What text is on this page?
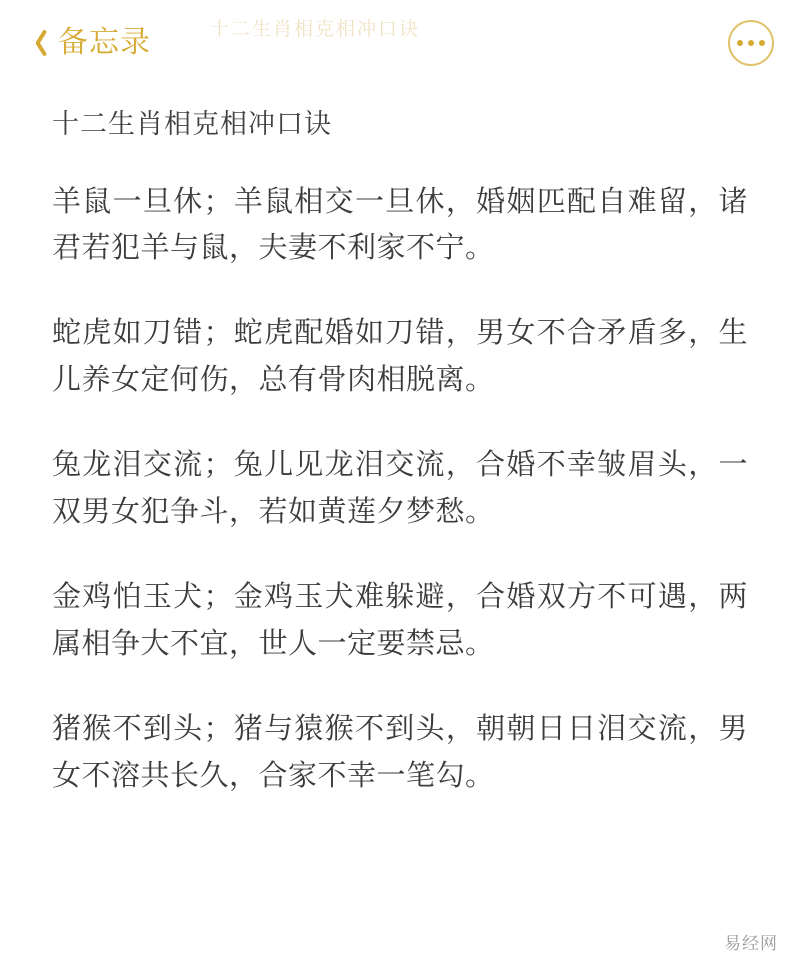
十二生肖相克相冲口诀
备忘录

十二生肖相克相冲口诀

羊鼠一旦休；羊鼠相交一旦休，婚姻匹配自难留，诸君若犯羊与鼠，夫妻不利家不宁。

蛇虎如刀错；蛇虎配婚如刀错，男女不合矛盾多，生儿养女定何伤，总有骨肉相脱离。

兔龙泪交流；兔儿见龙泪交流，合婚不幸皱眉头，一双男女犯争斗，若如黄莲夕梦愁。

金鸡怕玉犬；金鸡玉犬难躲避，合婚双方不可遇，两属相争大不宜，世人一定要禁忌。

猪猴不到头；猪与猿猴不到头，朝朝日日泪交流，男女不溶共长久，合家不幸一笔勾。

易经网
